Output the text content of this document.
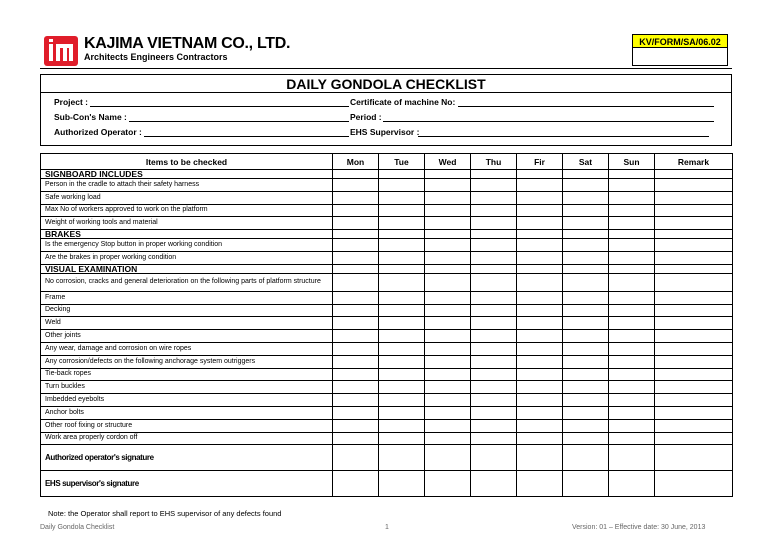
KAJIMA VIETNAM CO., LTD.
Architects Engineers Contractors
KV/FORM/SA/06.02
DAILY GONDOLA CHECKLIST
Project :	Certificate of machine No:
Sub-Con's Name :	Period :
Authorized Operator :	EHS Supervisor :
Items to be checked	Mon	Tue	Wed	Thu	Fir	Sat	Sun	Remark
SIGNBOARD INCLUDES								
Person in the cradle to attach their safety harness								
Safe working load								
Max No of workers approved to work on the platform								
Weight of working tools and material								
BRAKES								
Is the emergency Stop button in proper working condition								
Are the brakes in proper working condition								
VISUAL EXAMINATION								
No corrosion, cracks and general deterioration on the following parts of platform structure								
Frame								
Decking								
Weld								
Other joints								
Any wear, damage and corrosion on wire ropes								
Any corrosion/defects on the following anchorage system outriggers								
Tie-back ropes								
Turn buckles								
Imbedded eyebolts								
Anchor bolts								
Other roof fixing or structure								
Work area properly cordon off								
Authorized operator's signature								
EHS supervisor's signature								
Note: the Operator shall report to EHS supervisor of any defects found
Daily Gondola Checklist	1	Version: 01 – Effective date: 30 June, 2013
